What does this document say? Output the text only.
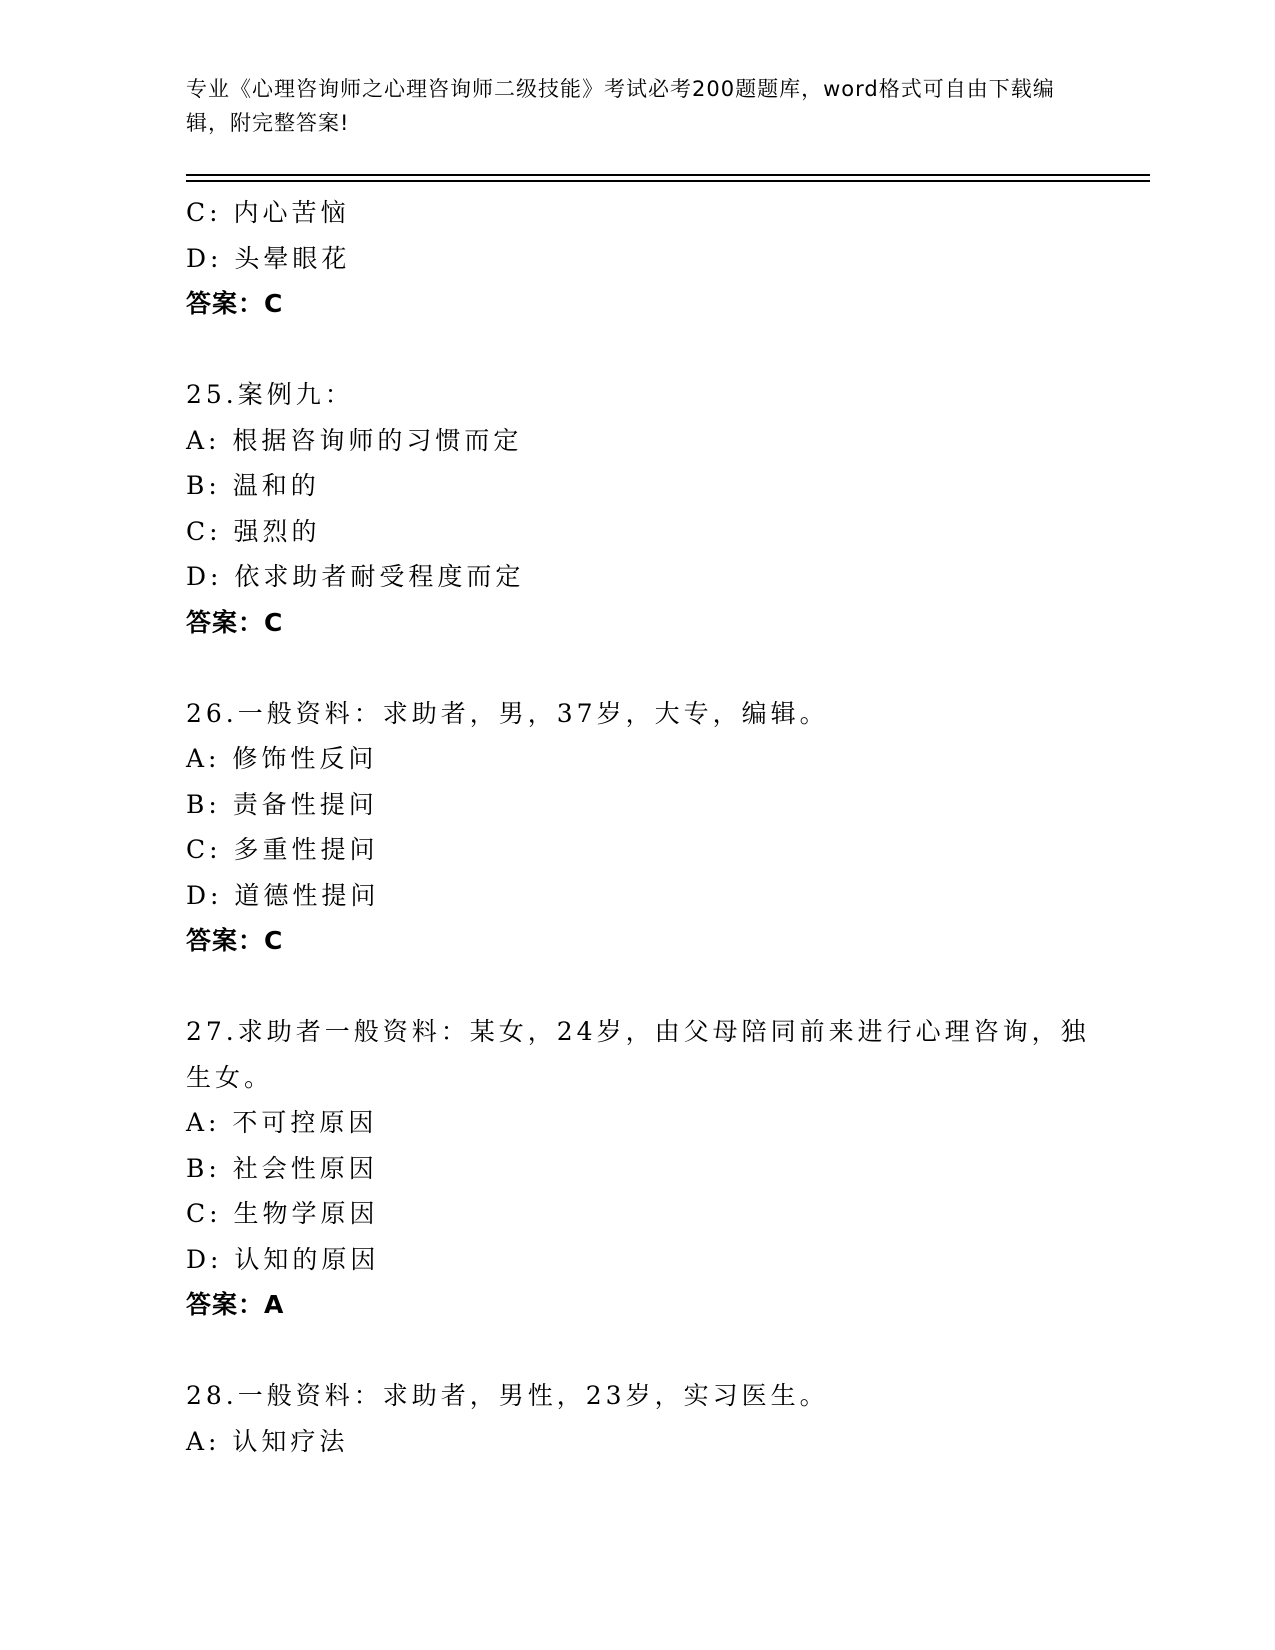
专业《心理咨询师之心理咨询师二级技能》考试必考200题题库，word格式可自由下载编辑，附完整答案!
C: 内心苦恼
D: 头晕眼花
答案：C
25.案例九：
A: 根据咨询师的习惯而定
B: 温和的
C: 强烈的
D: 依求助者耐受程度而定
答案：C
26.一般资料：求助者，男，37岁，大专，编辑。
A: 修饰性反问
B: 责备性提问
C: 多重性提问
D: 道德性提问
答案：C
27.求助者一般资料：某女，24岁，由父母陪同前来进行心理咨询，独生女。
A: 不可控原因
B: 社会性原因
C: 生物学原因
D: 认知的原因
答案：A
28.一般资料：求助者，男性，23岁，实习医生。
A: 认知疗法
